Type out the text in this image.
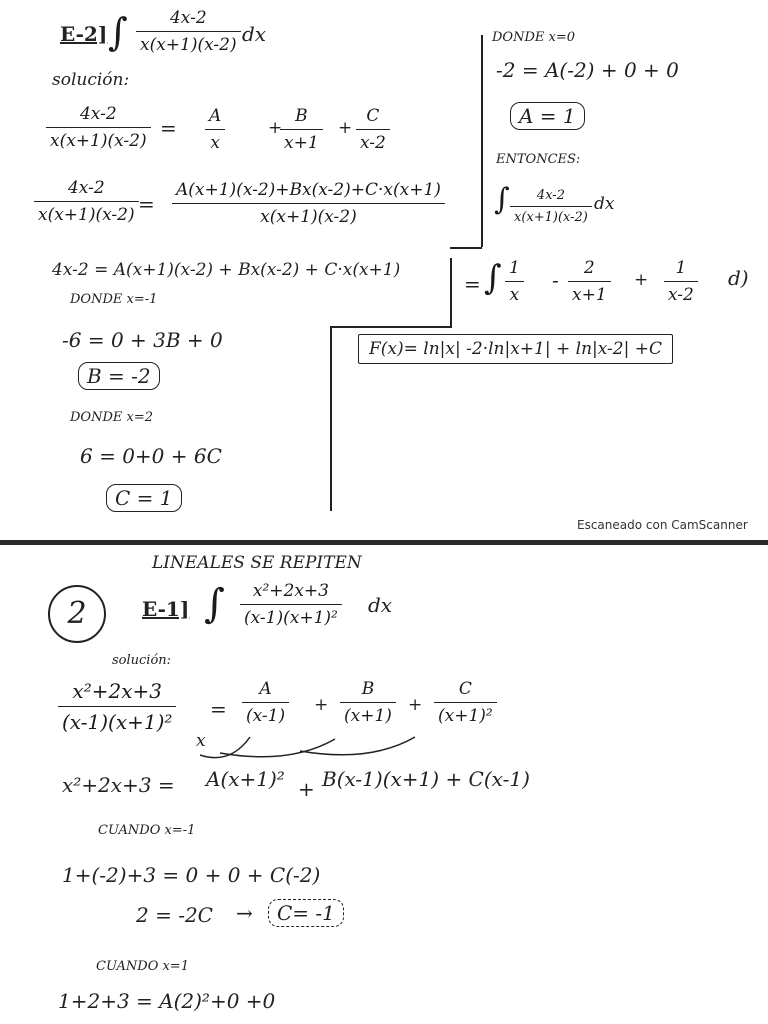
E-2] ∫ 4x-2
x(x+1)(x-2) dx
solución:
4x-2
x(x+1)(x-2)
= A
x
+
B
x+1
+
C
x-2
4x-2
x(x+1)(x-2) =
A(x+1)(x-2)+Bx(x-2)+C·x(x+1)
x(x+1)(x-2)
4x-2 = A(x+1)(x-2) + Bx(x-2) + C·x(x+1)
DONDE x=-1
-6 = 0 + 3B + 0
B = -2
DONDE x=2
6 = 0+0 + 6C
C = 1
DONDE x=0
-2 = A(-2) + 0 + 0
A = 1
ENTONCES:
∫	4x-2
x(x+1)(x-2)
dx
= ∫ 1
x
- 2
x+1
+
1
x-2
d)
F(x)= ln|x| -2·ln|x+1| + ln|x-2| +C
Escaneado con CamScanner
LINEALES SE REPITEN
2	E-1] ∫ x²+2x+3
(x-1)(x+1)²
dx
solución:
x²+2x+3
(x-1)(x+1)²
x
=
A
(x-1)
+
B
(x+1)
+
C
(x+1)²
x²+2x+3 = A(x+1)² + B(x-1)(x+1) + C(x-1)
CUANDO x=-1
1+(-2)+3 = 0 + 0 + C(-2)
2 = -2C →	C= -1
CUANDO x=1
1+2+3 = A(2)²+0 +0
